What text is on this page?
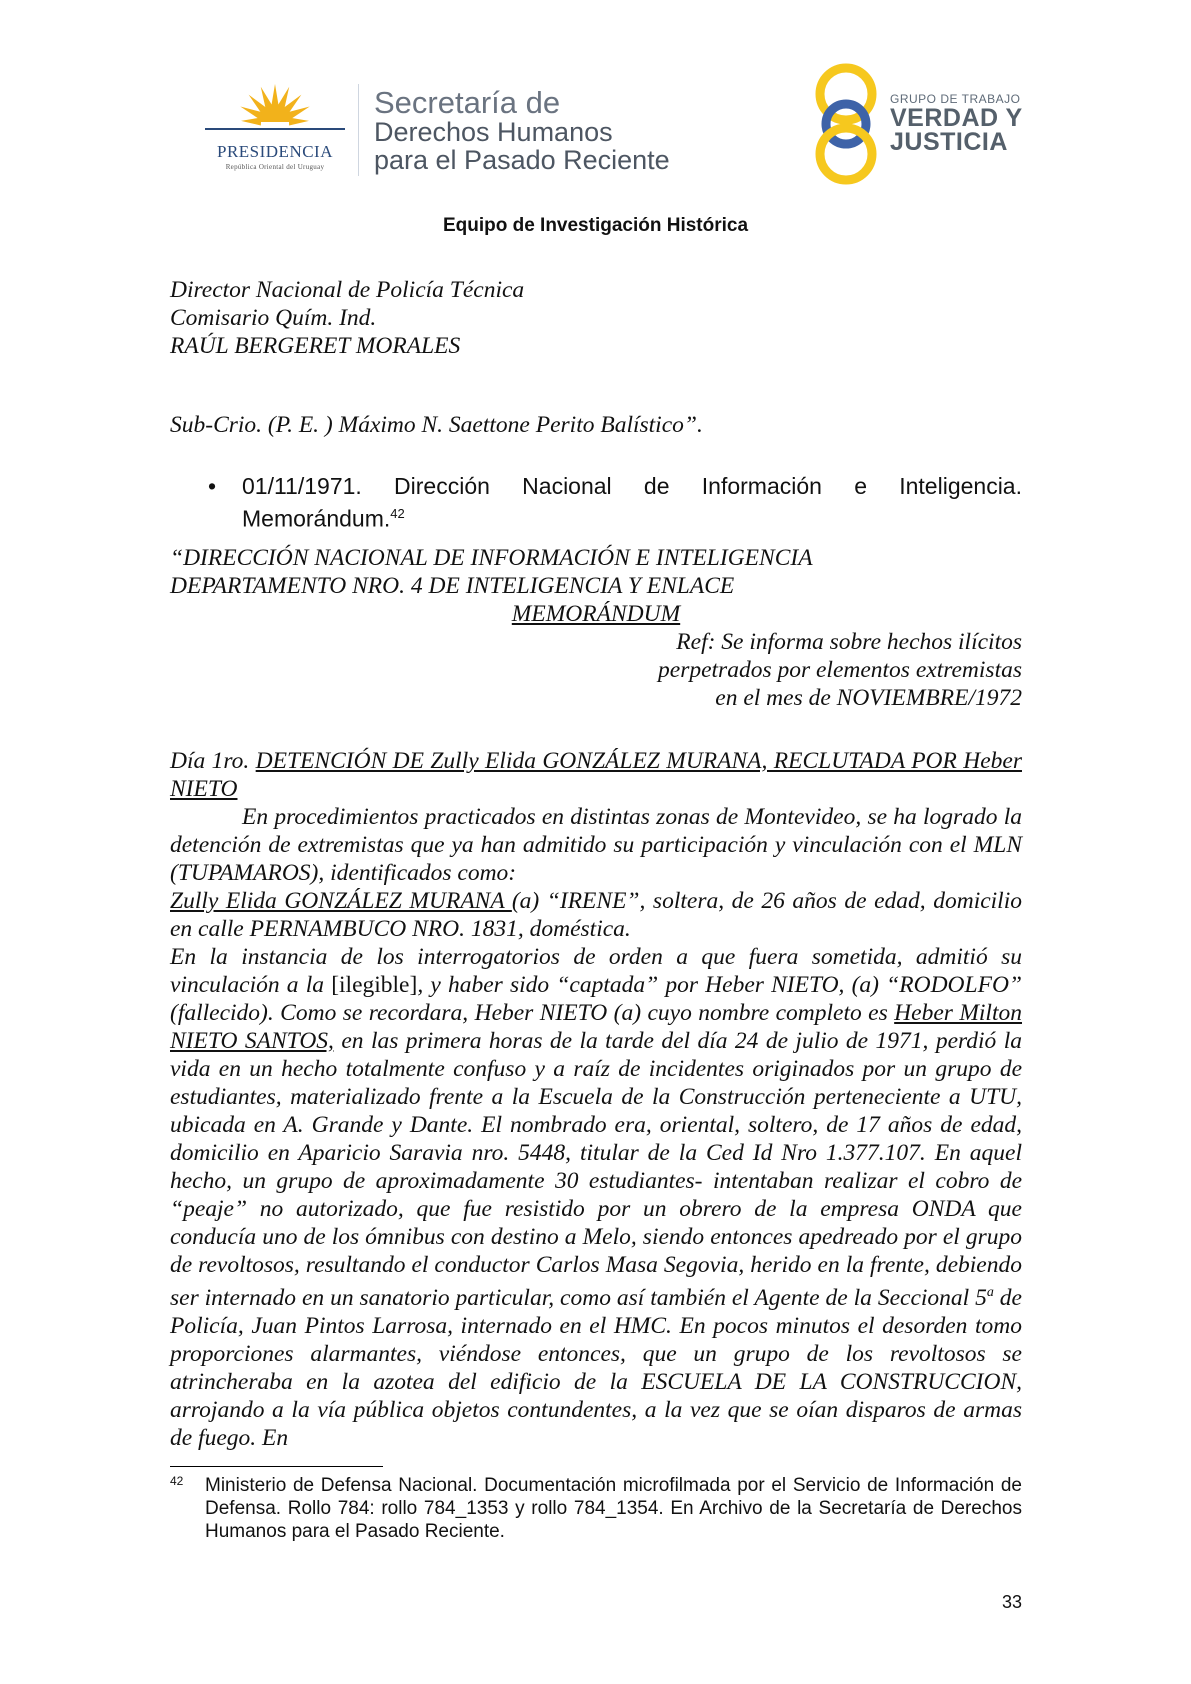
PRESIDENCIA
República Oriental del Uruguay
Secretaría de
Derechos Humanos
para el Pasado Reciente
GRUPO DE TRABAJO
VERDAD Y
JUSTICIA
Equipo de Investigación Histórica
Director Nacional de Policía Técnica
Comisario Quím. Ind.
RAÚL BERGERET MORALES
Sub-Crio. (P. E. ) Máximo N. Saettone Perito Balístico”.
• 01/11/1971. Dirección Nacional de Información e Inteligencia.
Memorándum.$^{42}$
“DIRECCIÓN NACIONAL DE INFORMACIÓN E INTELIGENCIA
DEPARTAMENTO NRO. 4 DE INTELIGENCIA Y ENLACE
MEMORÁNDUM
Ref: Se informa sobre hechos ilícitos
perpetrados por elementos extremistas
en el mes de NOVIEMBRE/1972
Día 1ro. DETENCIÓN DE Zully Elida GONZÁLEZ MURANA, RECLUTADA POR Heber NIETO
En procedimientos practicados en distintas zonas de Montevideo, se ha logrado la detención de extremistas que ya han admitido su participación y vinculación con el MLN (TUPAMAROS), identificados como:
Zully Elida GONZÁLEZ MURANA (a) “IRENE”, soltera, de 26 años de edad, domicilio en calle PERNAMBUCO NRO. 1831, doméstica.
En la instancia de los interrogatorios de orden a que fuera sometida, admitió su vinculación a la [ilegible], y haber sido “captada” por Heber NIETO, (a) “RODOLFO” (fallecido). Como se recordara, Heber NIETO (a) cuyo nombre completo es Heber Milton NIETO SANTOS, en las primera horas de la tarde del día 24 de julio de 1971, perdió la vida en un hecho totalmente confuso y a raíz de incidentes originados por un grupo de estudiantes, materializado frente a la Escuela de la Construcción perteneciente a UTU, ubicada en A. Grande y Dante. El nombrado era, oriental, soltero, de 17 años de edad, domicilio en Aparicio Saravia nro. 5448, titular de la Ced Id Nro 1.377.107. En aquel hecho, un grupo de aproximadamente 30 estudiantes- intentaban realizar el cobro de “peaje” no autorizado, que fue resistido por un obrero de la empresa ONDA que conducía uno de los ómnibus con destino a Melo, siendo entonces apedreado por el grupo de revoltosos, resultando el conductor Carlos Masa Segovia, herido en la frente, debiendo ser internado en un sanatorio particular, como así también el Agente de la Seccional 5$^a$ de Policía, Juan Pintos Larrosa, internado en el HMC. En pocos minutos el desorden tomo proporciones alarmantes, viéndose entonces, que un grupo de los revoltosos se atrincheraba en la azotea del edificio de la ESCUELA DE LA CONSTRUCCION, arrojando a la vía pública objetos contundentes, a la vez que se oían disparos de armas de fuego. En
42 Ministerio de Defensa Nacional. Documentación microfilmada por el Servicio de Información de Defensa. Rollo 784: rollo 784_1353 y rollo 784_1354. En Archivo de la Secretaría de Derechos Humanos para el Pasado Reciente.
33
